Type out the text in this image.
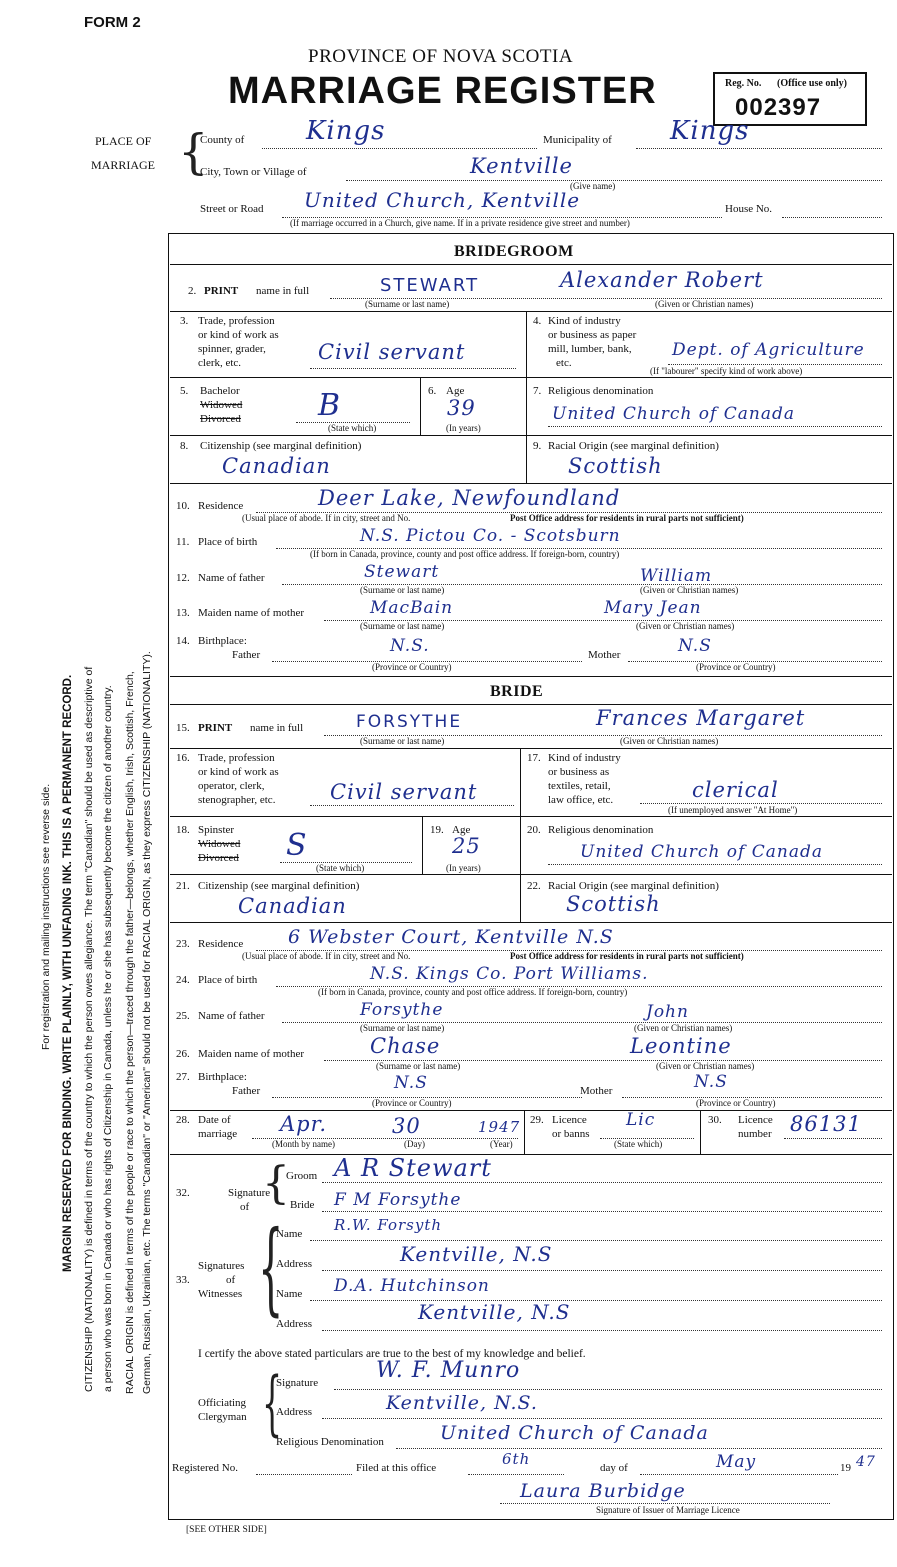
FORM 2
PROVINCE OF NOVA SCOTIA
MARRIAGE REGISTER	Reg. No. (Office use only)
002397
PLACE OF
MARRIAGE {
County of Kings	Municipality of Kings
City, Town or Village of	Kentville
(Give name)
Street or Road United Church, Kentville	House No.
(If marriage occurred in a Church, give name. If in a private residence give street and number)
BRIDEGROOM
2. PRINT name in full	STEWART	Alexander Robert
(Surname or last name)	(Given or Christian names)
3. Trade, profession
or kind of work as
spinner, grader,
clerk, etc.	Civil servant
4. Kind of industry
or business as paper
mill, lumber, bank,
etc.
Dept. of Agriculture
(If "labourer" specify kind of work above)
5. Bachelor
Widowed
Divorced	B
(State which)
6. Age
39
(In years)
7. Religious denomination
United Church of Canada
8. Citizenship (see marginal definition)
Canadian
9. Racial Origin (see marginal definition)
Scottish
10. Residence	Deer Lake, Newfoundland
(Usual place of abode. If in city, street and No.	Post Office address for residents in rural parts not sufficient)
11. Place of birth	N.S. Pictou Co. - Scotsburn
(If born in Canada, province, county and post office address. If foreign-born, country)
12. Name of father	Stewart	William
(Surname or last name)	(Given or Christian names)
13. Maiden name of mother	MacBain	Mary Jean
(Surname or last name)	(Given or Christian names)
14. Birthplace:
Father	N.S.	Mother	N.S
(Province or Country)	(Province or Country)
BRIDE
15. PRINT name in full	FORSYTHE	Frances Margaret
(Surname or last name)	(Given or Christian names)
16. Trade, profession
or kind of work as
operator, clerk,
stenographer, etc.	Civil servant
17. Kind of industry
or business as
textiles, retail,
law office, etc.	clerical
(If unemployed answer "At Home")
18. Spinster
Widowed
Divorced S
(State which)
19. Age
25
(In years)
20. Religious denomination
United Church of Canada
21. Citizenship (see marginal definition)
Canadian
22. Racial Origin (see marginal definition)
Scottish
23. Residence 6 Webster Court, Kentville N.S
(Usual place of abode. If in city, street and No.	Post Office address for residents in rural parts not sufficient)
24. Place of birth	N.S. Kings Co. Port Williams.
(If born in Canada, province, county and post office address. If foreign-born, country)
25. Name of father	Forsythe	John
(Surname or last name)	(Given or Christian names)
26. Maiden name of mother	Chase	Leontine
(Surname or last name)	(Given or Christian names)
27. Birthplace:
Father	N.S	Mother	N.S
(Province or Country)	(Province or Country)
28. Date of
marriage Apr.	30	1947
(Month by name)	(Day)	(Year)
29. Licence
or banns
Lic
(State which)
30. Licence
number 86131
32.	Signature
of {
Groom A R Stewart
Bride F M Forsythe
33.
Signatures
of
Witnesses {
Name R.W. Forsyth
Address	Kentville, N.S
Name D.A. Hutchinson
Address	Kentville, N.S
I certify the above stated particulars are true to the best of my knowledge and belief.
Officiating
Clergyman {
Signature	W. F. Munro
Address	Kentville, N.S.
Religious Denomination	United Church of Canada
Registered No.	Filed at this office	6th	day of	May	19 47
Laura Burbidge
Signature of Issuer of Marriage Licence
[SEE OTHER SIDE]
For registration and mailing instructions see reverse side. MARGIN RESERVED FOR BINDING. WRITE PLAINLY, WITH UNFADING INK. THIS IS A PERMANENT RECORD. CITIZENSHIP (NATIONALITY) is defined in terms of the country to which the person owes allegiance. The term "Canadian" should be used as descriptive of a person who was born in Canada or who has rights of Citizenship in Canada, unless he or she has subsequently become the citizen of another country. RACIAL ORIGIN is defined in terms of the people or race to which the person—traced through the father—belongs, whether English, Irish, Scottish, French, German, Russian, Ukrainian, etc. The terms "Canadian" or "American" should not be used for RACIAL ORIGIN, as they express CITIZENSHIP (NATIONALITY).
